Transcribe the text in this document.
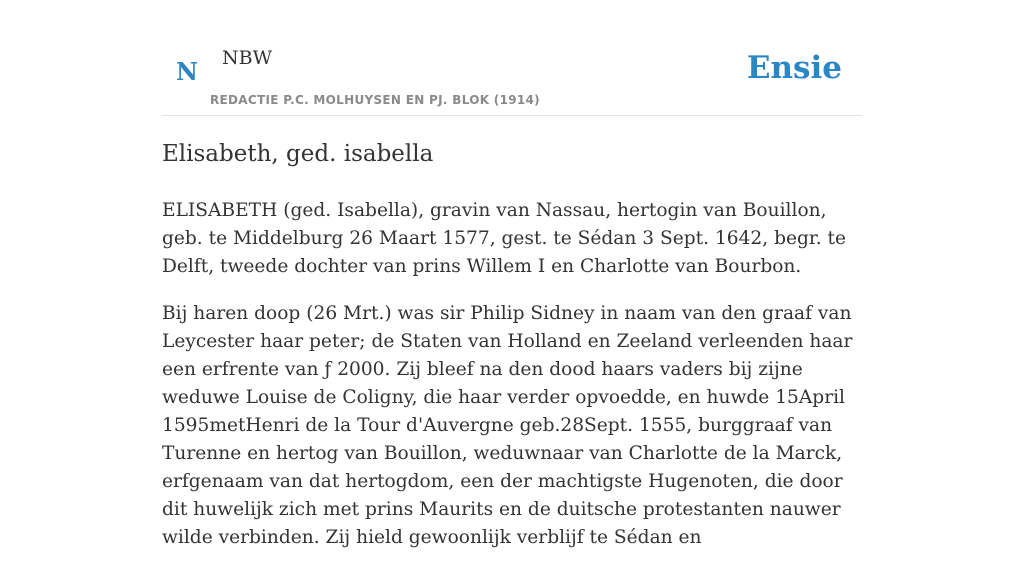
N NBW
REDACTIE P.C. MOLHUYSEN EN PJ. BLOK (1914)
Ensie
Elisabeth, ged. isabella

ELISABETH (ged. Isabella), gravin van Nassau, hertogin van Bouillon, geb. te Middelburg 26 Maart 1577, gest. te Sédan 3 Sept. 1642, begr. te Delft, tweede dochter van prins Willem I en Charlotte van Bourbon.

Bij haren doop (26 Mrt.) was sir Philip Sidney in naam van den graaf van Leycester haar peter; de Staten van Holland en Zeeland verleenden haar een erfrente van ƒ 2000. Zij bleef na den dood haars vaders bij zijne weduwe Louise de Coligny, die haar verder opvoedde, en huwde 15April 1595metHenri de la Tour d'Auvergne geb.28Sept. 1555, burggraaf van Turenne en hertog van Bouillon, weduwnaar van Charlotte de la Marck, erfgenaam van dat hertogdom, een der machtigste Hugenoten, die door dit huwelijk zich met prins Maurits en de duitsche protestanten nauwer wilde verbinden. Zij hield gewoonlijk verblijf te Sédan en
